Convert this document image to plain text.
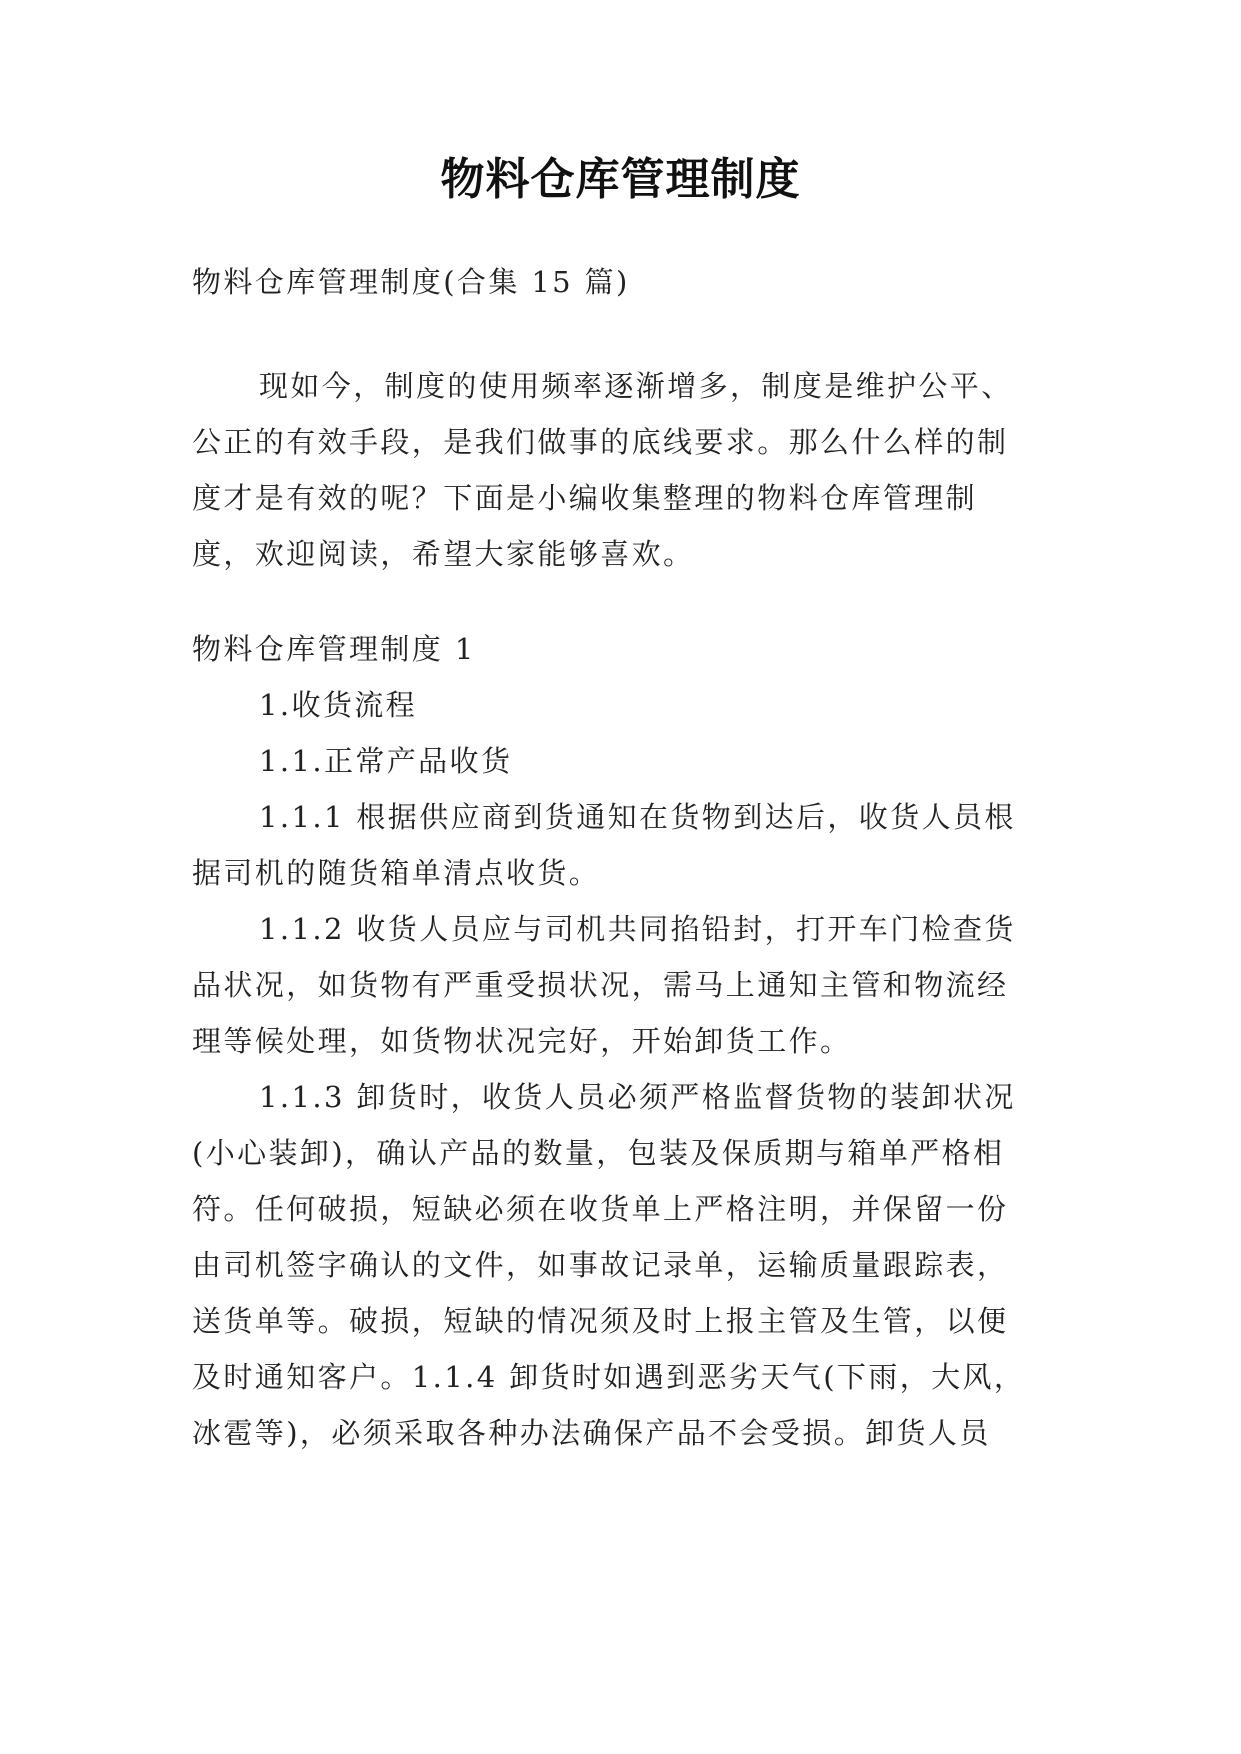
物料仓库管理制度
物料仓库管理制度(合集 15 篇)
现如今，制度的使用频率逐渐增多，制度是维护公平、
公正的有效手段，是我们做事的底线要求。那么什么样的制
度才是有效的呢？下面是小编收集整理的物料仓库管理制
度，欢迎阅读，希望大家能够喜欢。
物料仓库管理制度 1
1.收货流程
1.1.正常产品收货
1.1.1 根据供应商到货通知在货物到达后，收货人员根
据司机的随货箱单清点收货。
1.1.2 收货人员应与司机共同掐铅封，打开车门检查货
品状况，如货物有严重受损状况，需马上通知主管和物流经
理等候处理，如货物状况完好，开始卸货工作。
1.1.3 卸货时，收货人员必须严格监督货物的装卸状况
(小心装卸)，确认产品的数量，包装及保质期与箱单严格相
符。任何破损，短缺必须在收货单上严格注明，并保留一份
由司机签字确认的文件，如事故记录单，运输质量跟踪表，
送货单等。破损，短缺的情况须及时上报主管及生管，以便
及时通知客户。1.1.4 卸货时如遇到恶劣天气(下雨，大风，
冰雹等)，必须采取各种办法确保产品不会受损。卸货人员
